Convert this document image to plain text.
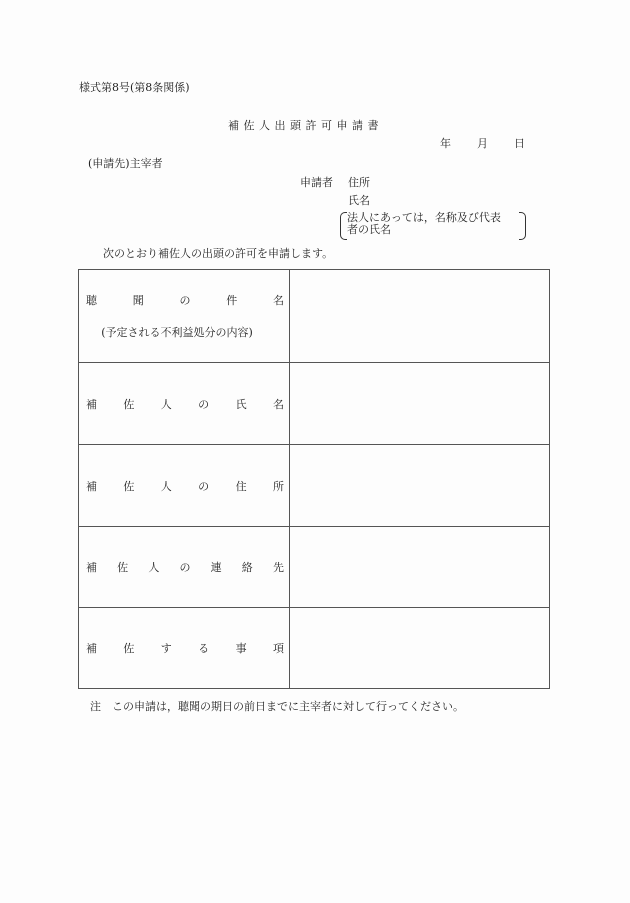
様式第8号(第8条関係)
補佐人出頭許可申請書
年 月 日
(申請先)主宰者
申請者 住所
氏名
法人にあっては，名称及び代表
者の氏名
次のとおり補佐人の出頭の許可を申請します。
聴	聞	の	件	名
(予定される不利益処分の内容)

補 佐 人 の 氏 名

補 佐 人 の 住 所

補 佐 人 の 連 絡 先

補 佐 す る 事 項

注　この申請は，聴聞の期日の前日までに主宰者に対して行ってください。
